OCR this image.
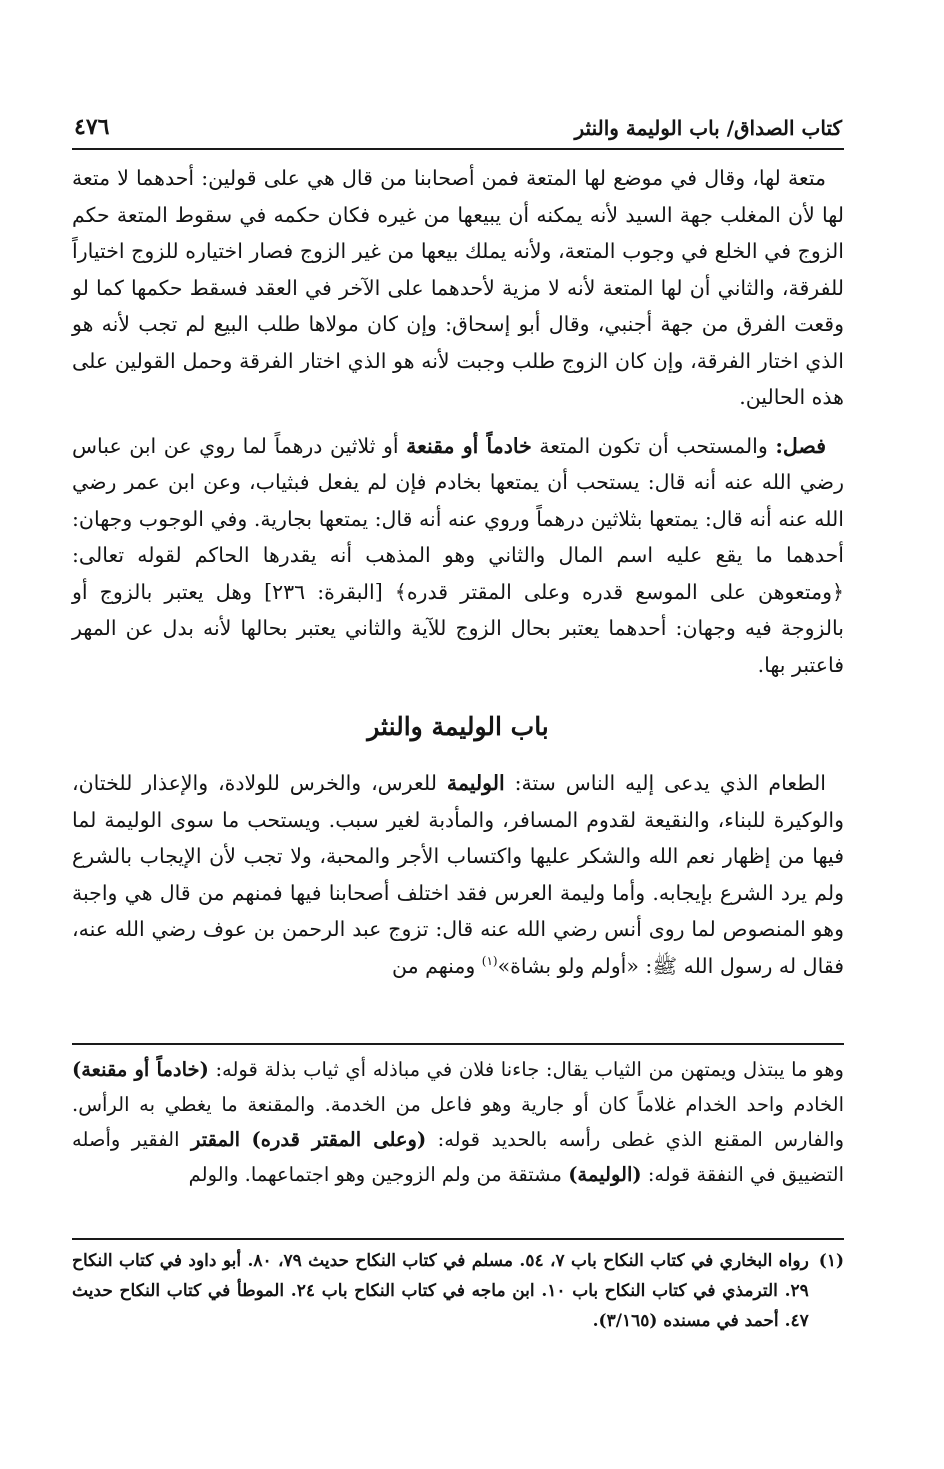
كتاب الصداق/ باب الوليمة والنثر
٤٧٦

متعة لها، وقال في موضع لها المتعة فمن أصحابنا من قال هي على قولين: أحدهما لا متعة لها لأن المغلب جهة السيد لأنه يمكنه أن يبيعها من غيره فكان حكمه في سقوط المتعة حكم الزوج في الخلع في وجوب المتعة، ولأنه يملك بيعها من غير الزوج فصار اختياره للزوج اختياراً للفرقة، والثاني أن لها المتعة لأنه لا مزية لأحدهما على الآخر في العقد فسقط حكمها كما لو وقعت الفرق من جهة أجنبي، وقال أبو إسحاق: وإن كان مولاها طلب البيع لم تجب لأنه هو الذي اختار الفرقة، وإن كان الزوج طلب وجبت لأنه هو الذي اختار الفرقة وحمل القولين على هذه الحالين.

فصل: والمستحب أن تكون المتعة خادماً أو مقنعة أو ثلاثين درهماً لما روي عن ابن عباس رضي الله عنه أنه قال: يستحب أن يمتعها بخادم فإن لم يفعل فبثياب، وعن ابن عمر رضي الله عنه أنه قال: يمتعها بثلاثين درهماً وروي عنه أنه قال: يمتعها بجارية. وفي الوجوب وجهان: أحدهما ما يقع عليه اسم المال والثاني وهو المذهب أنه يقدرها الحاكم لقوله تعالى: ﴿ومتعوهن على الموسع قدره وعلى المقتر قدره﴾ [البقرة: ٢٣٦] وهل يعتبر بالزوج أو بالزوجة فيه وجهان: أحدهما يعتبر بحال الزوج للآية والثاني يعتبر بحالها لأنه بدل عن المهر فاعتبر بها.

باب الوليمة والنثر

الطعام الذي يدعى إليه الناس ستة: الوليمة للعرس، والخرس للولادة، والإعذار للختان، والوكيرة للبناء، والنقيعة لقدوم المسافر، والمأدبة لغير سبب. ويستحب ما سوى الوليمة لما فيها من إظهار نعم الله والشكر عليها واكتساب الأجر والمحبة، ولا تجب لأن الإيجاب بالشرع ولم يرد الشرع بإيجابه. وأما وليمة العرس فقد اختلف أصحابنا فيها فمنهم من قال هي واجبة وهو المنصوص لما روى أنس رضي الله عنه قال: تزوج عبد الرحمن بن عوف رضي الله عنه، فقال له رسول الله ﷺ: «أولم ولو بشاة»$^{(١)}$ ومنهم من

وهو ما يبتذل ويمتهن من الثياب يقال: جاءنا فلان في مباذله أي ثياب بذلة قوله: (خادماً أو مقنعة) الخادم واحد الخدام غلاماً كان أو جارية وهو فاعل من الخدمة. والمقنعة ما يغطي به الرأس. والفارس المقنع الذي غطى رأسه بالحديد قوله: (وعلى المقتر قدره) المقتر الفقير وأصله التضييق في النفقة قوله: (الوليمة) مشتقة من ولم الزوجين وهو اجتماعهما. والولم

(١)
رواه البخاري في كتاب النكاح باب ٧، ٥٤. مسلم في كتاب النكاح حديث ٧٩، ٨٠. أبو داود في كتاب النكاح ٢٩. الترمذي في كتاب النكاح باب ١٠. ابن ماجه في كتاب النكاح باب ٢٤. الموطأ في كتاب النكاح حديث ٤٧. أحمد في مسنده (٣/١٦٥).
